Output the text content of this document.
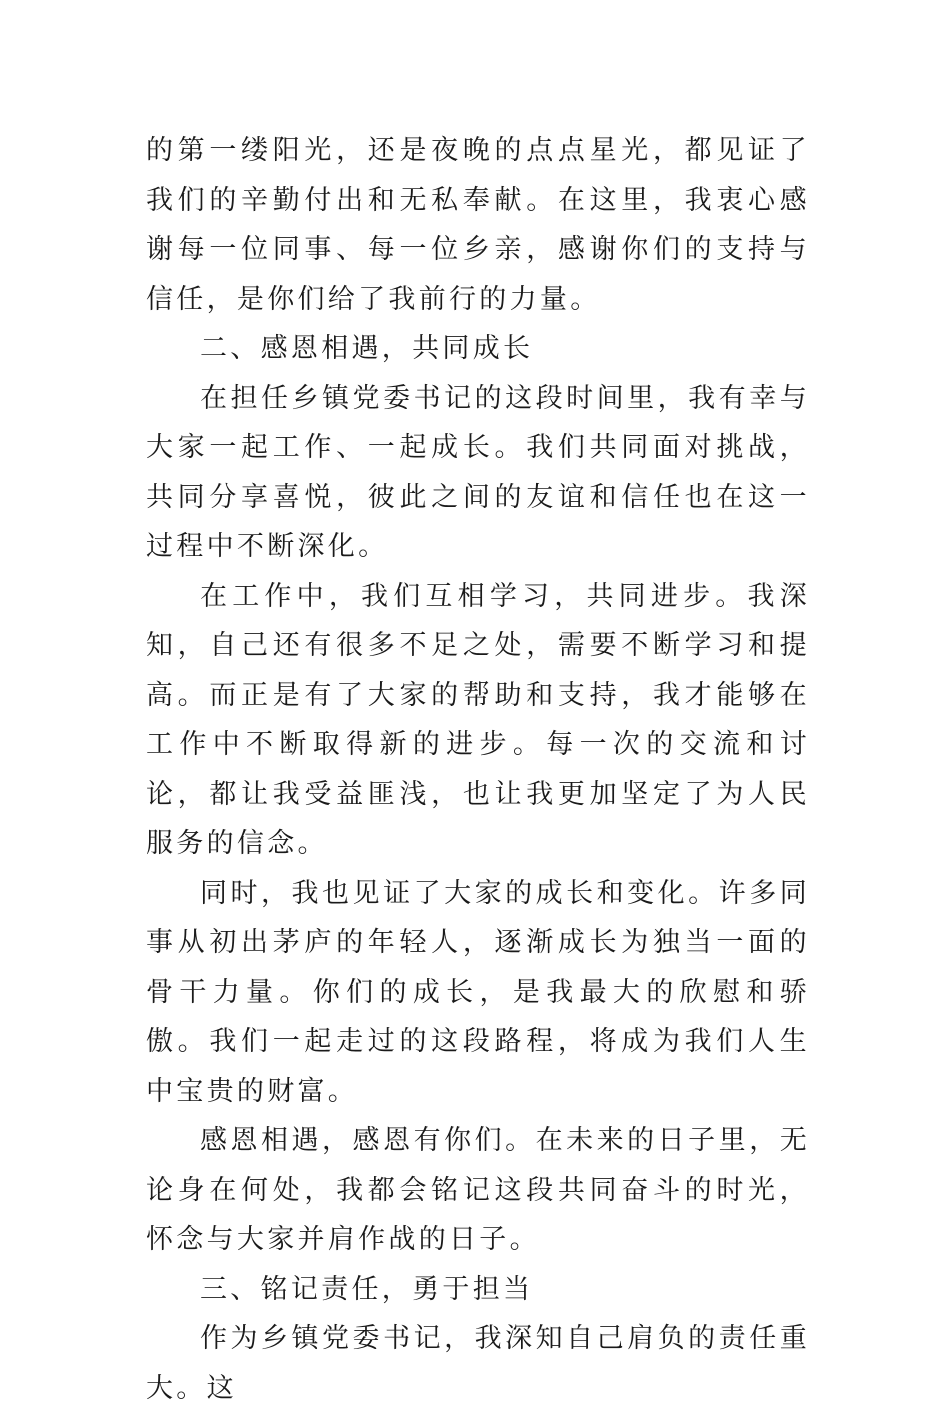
的第一缕阳光，还是夜晚的点点星光，都见证了我们的辛勤付出和无私奉献。在这里，我衷心感谢每一位同事、每一位乡亲，感谢你们的支持与信任，是你们给了我前行的力量。

二、感恩相遇，共同成长

在担任乡镇党委书记的这段时间里，我有幸与大家一起工作、一起成长。我们共同面对挑战，共同分享喜悦，彼此之间的友谊和信任也在这一过程中不断深化。

在工作中，我们互相学习，共同进步。我深知，自己还有很多不足之处，需要不断学习和提高。而正是有了大家的帮助和支持，我才能够在工作中不断取得新的进步。每一次的交流和讨论，都让我受益匪浅，也让我更加坚定了为人民服务的信念。

同时，我也见证了大家的成长和变化。许多同事从初出茅庐的年轻人，逐渐成长为独当一面的骨干力量。你们的成长，是我最大的欣慰和骄傲。我们一起走过的这段路程，将成为我们人生中宝贵的财富。

感恩相遇，感恩有你们。在未来的日子里，无论身在何处，我都会铭记这段共同奋斗的时光，怀念与大家并肩作战的日子。

三、铭记责任，勇于担当

作为乡镇党委书记，我深知自己肩负的责任重大。这
